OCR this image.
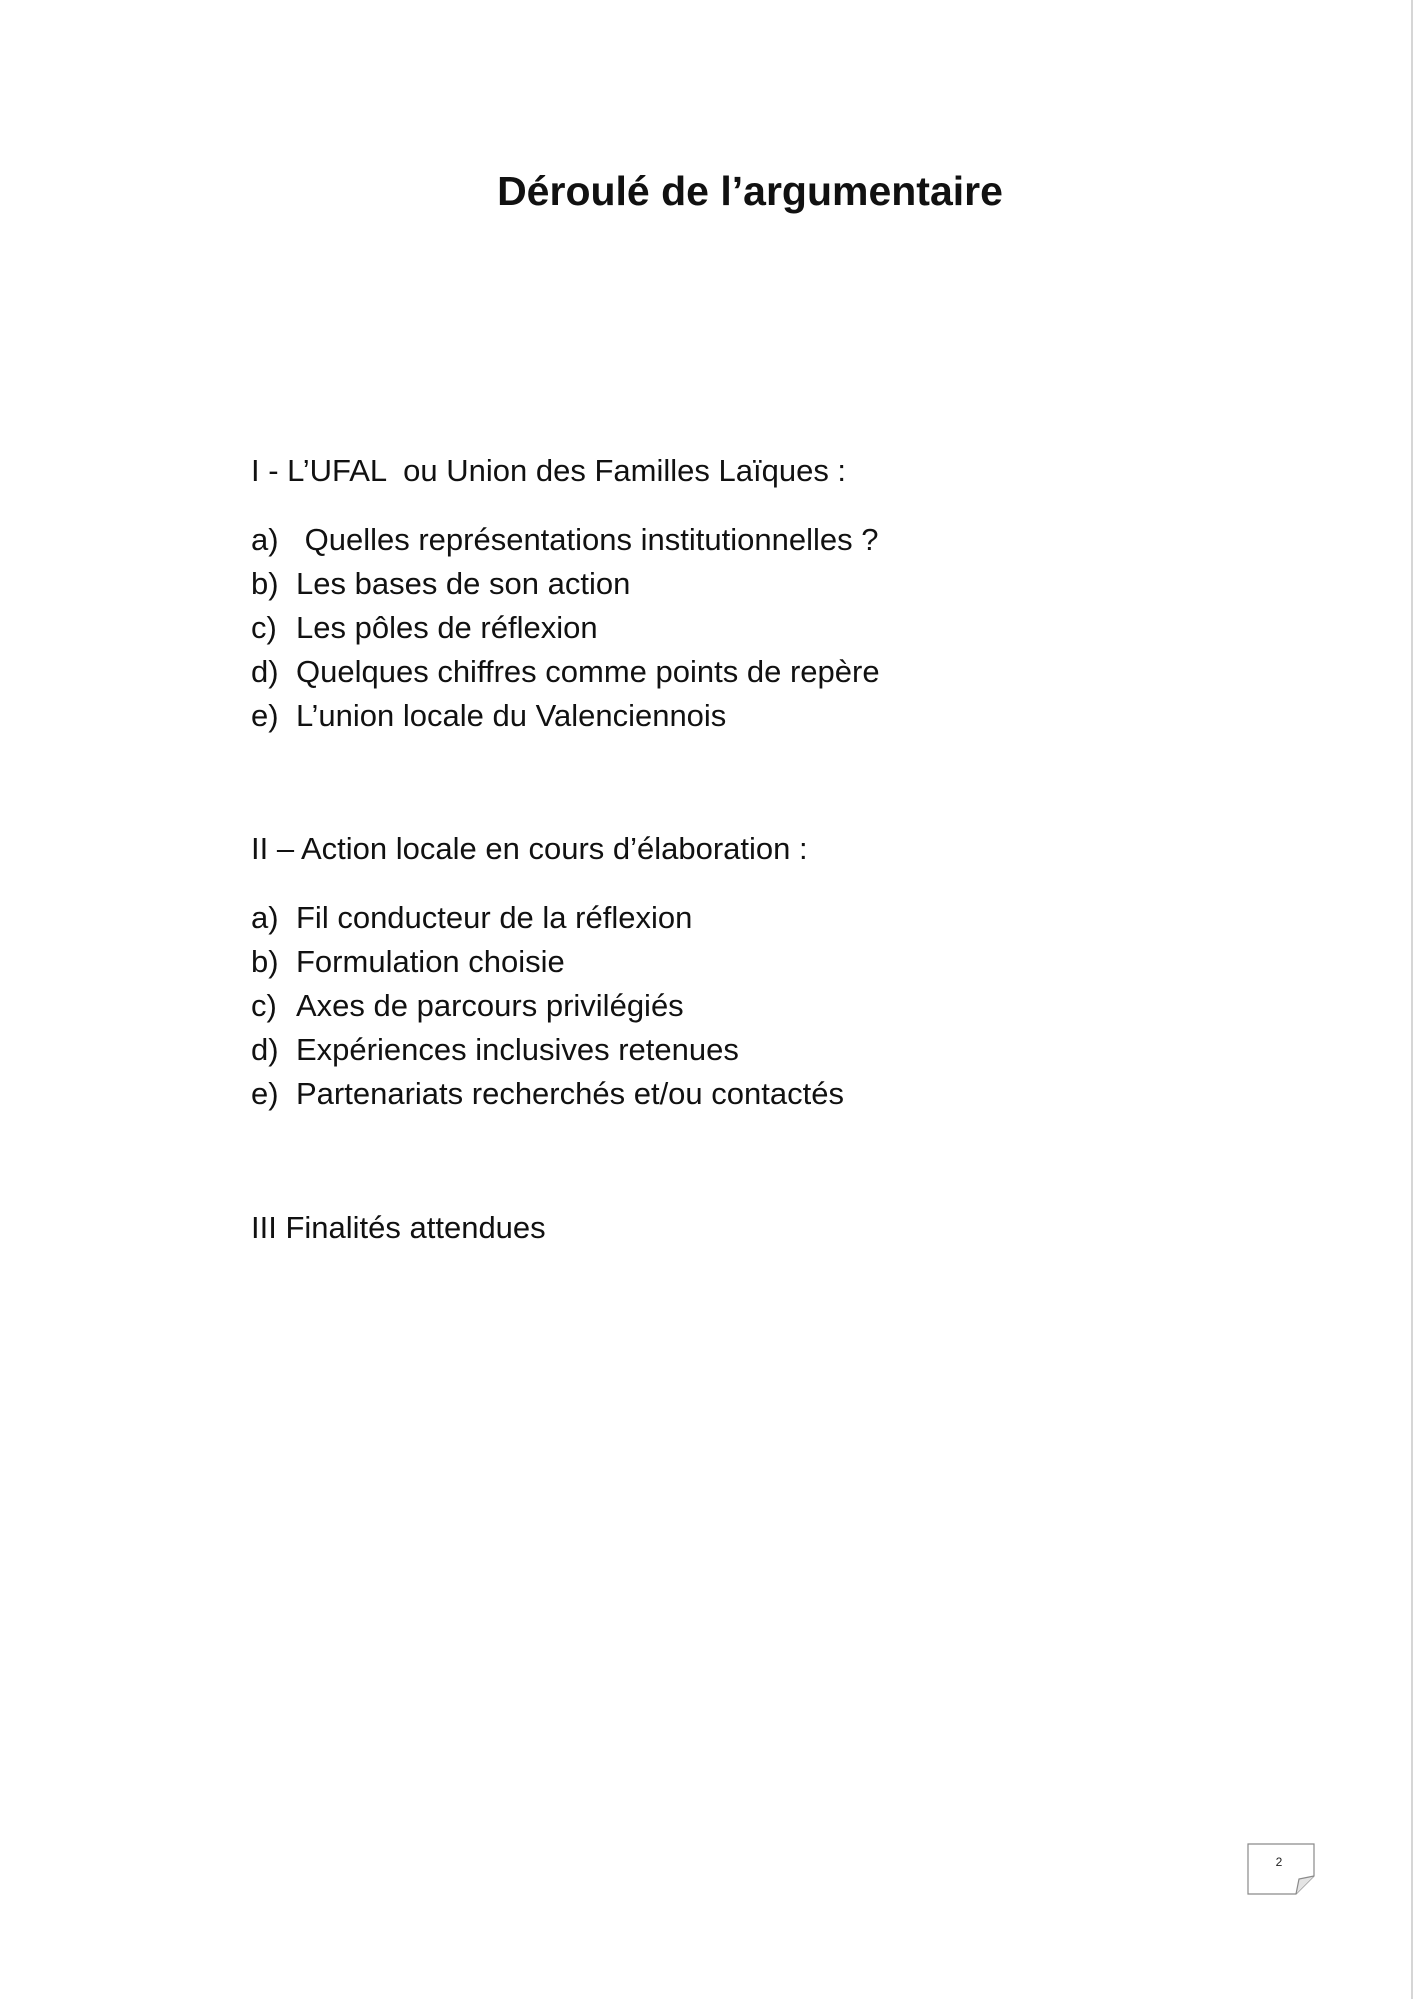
Déroulé de l’argumentaire

I - L’UFAL  ou Union des Familles Laïques :

a) Quelles représentations institutionnelles ?
b) Les bases de son action
c) Les pôles de réflexion
d) Quelques chiffres comme points de repère
e) L’union locale du Valenciennois

II – Action locale en cours d’élaboration :

a) Fil conducteur de la réflexion
b) Formulation choisie
c) Axes de parcours privilégiés
d) Expériences inclusives retenues
e) Partenariats recherchés et/ou contactés

III Finalités attendues

2
